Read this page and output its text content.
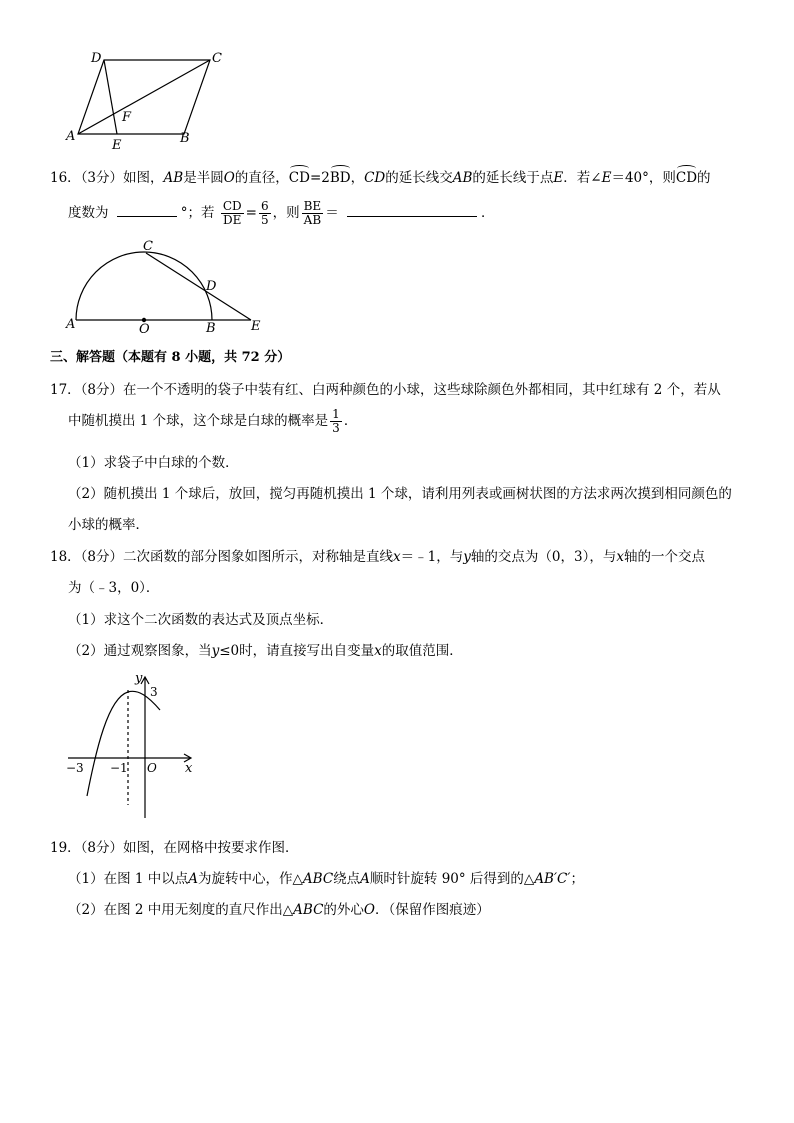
D	C
A	B
E
F
16．（3分）如图，AB是半圆O的直径，CD=2BD，CD的延长线交AB的延长线于点E．若∠E＝40°，则CD的
度数为	°；若 $\frac{CD}{DE} = \frac{6}{5}$ ，则 $\frac{BE}{AB}$ ＝	．
C
D
A	O	B	E
三、解答题（本题有 8 小题，共 72 分）
17．（8分）在一个不透明的袋子中装有红、白两种颜色的小球，这些球除颜色外都相同，其中红球有 2 个，若从
中随机摸出 1 个球，这个球是白球的概率是 $\frac{1}{3}$ ．
（1）求袋子中白球的个数．
（2）随机摸出 1 个球后，放回，搅匀再随机摸出 1 个球，请利用列表或画树状图的方法求两次摸到相同颜色的
小球的概率．
18．（8分）二次函数的部分图象如图所示，对称轴是直线x＝﹣1，与y轴的交点为（0，3），与x轴的一个交点
为（﹣3，0）．
（1）求这个二次函数的表达式及顶点坐标．
（2）通过观察图象，当y≤0时，请直接写出自变量x的取值范围．
y
3
−3 −1 O x
19．（8分）如图，在网格中按要求作图．
（1）在图 1 中以点A为旋转中心，作△ABC绕点A顺时针旋转 90° 后得到的△AB′C′；
（2）在图 2 中用无刻度的直尺作出△ABC的外心O．（保留作图痕迹）
